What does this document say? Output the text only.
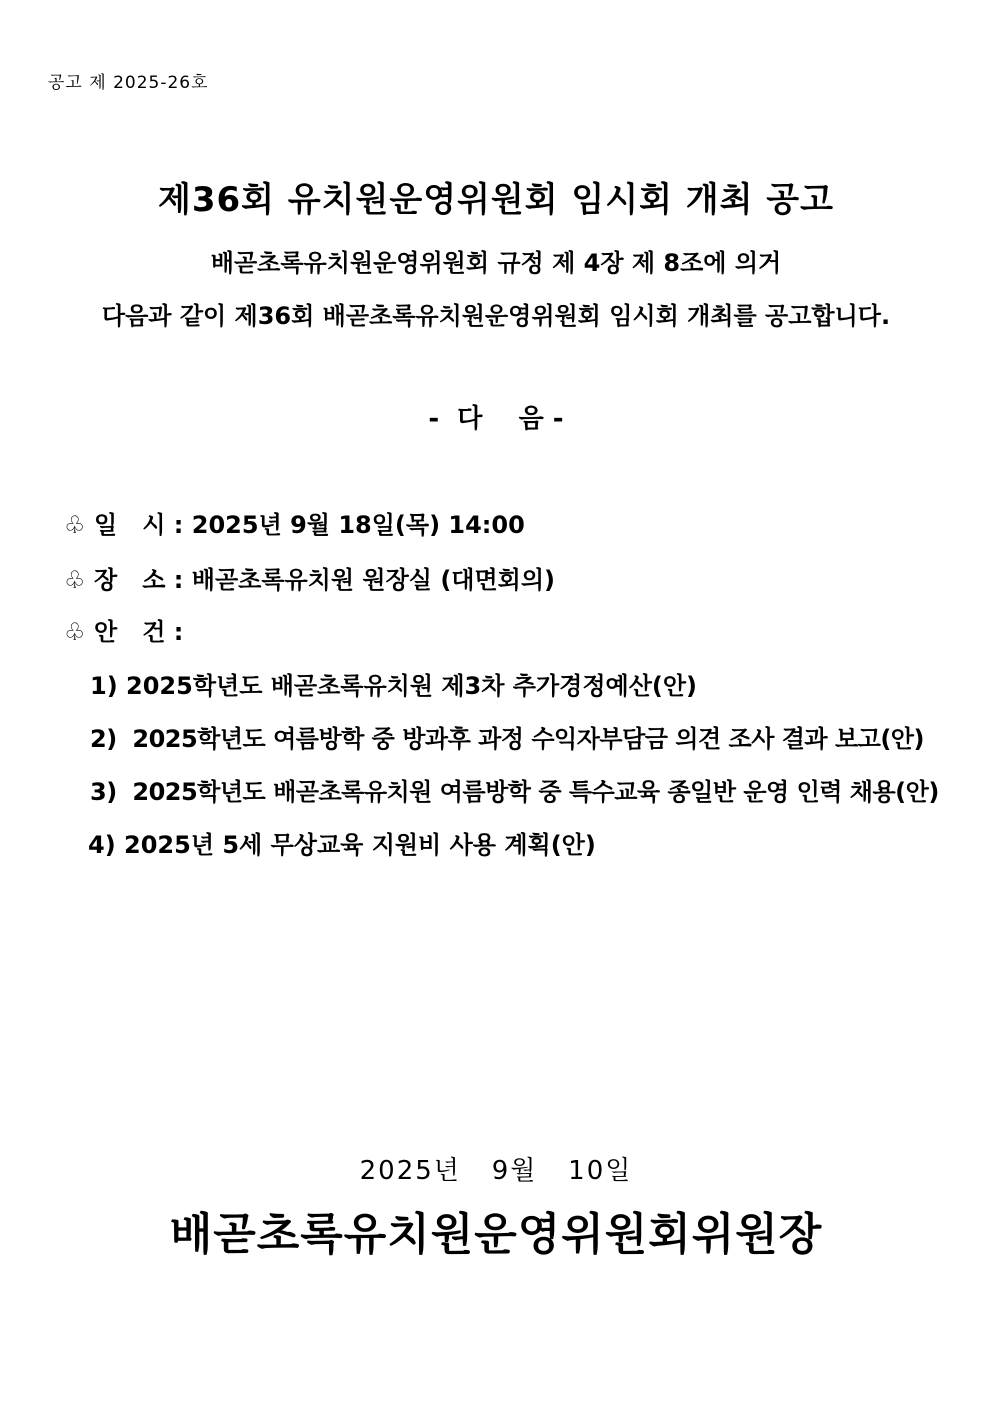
공고 제 2025-26호
제36회 유치원운영위원회 임시회 개최 공고
배곧초록유치원운영위원회 규정 제 4장 제 8조에 의거
다음과 같이 제36회 배곧초록유치원운영위원회 임시회 개최를 공고합니다.
-  다    음 -
♧ 일   시 : 2025년 9월 18일(목) 14:00
♧ 장   소 : 배곧초록유치원 원장실 (대면회의)
♧ 안   건 :
1) 2025학년도 배곧초록유치원 제3차 추가경정예산(안)
2)  2025학년도 여름방학 중 방과후 과정 수익자부담금 의견 조사 결과 보고(안)
3)  2025학년도 배곧초록유치원 여름방학 중 특수교육 종일반 운영 인력 채용(안)
4) 2025년 5세 무상교육 지원비 사용 계획(안)
2025년   9월   10일
배곧초록유치원운영위원회위원장
